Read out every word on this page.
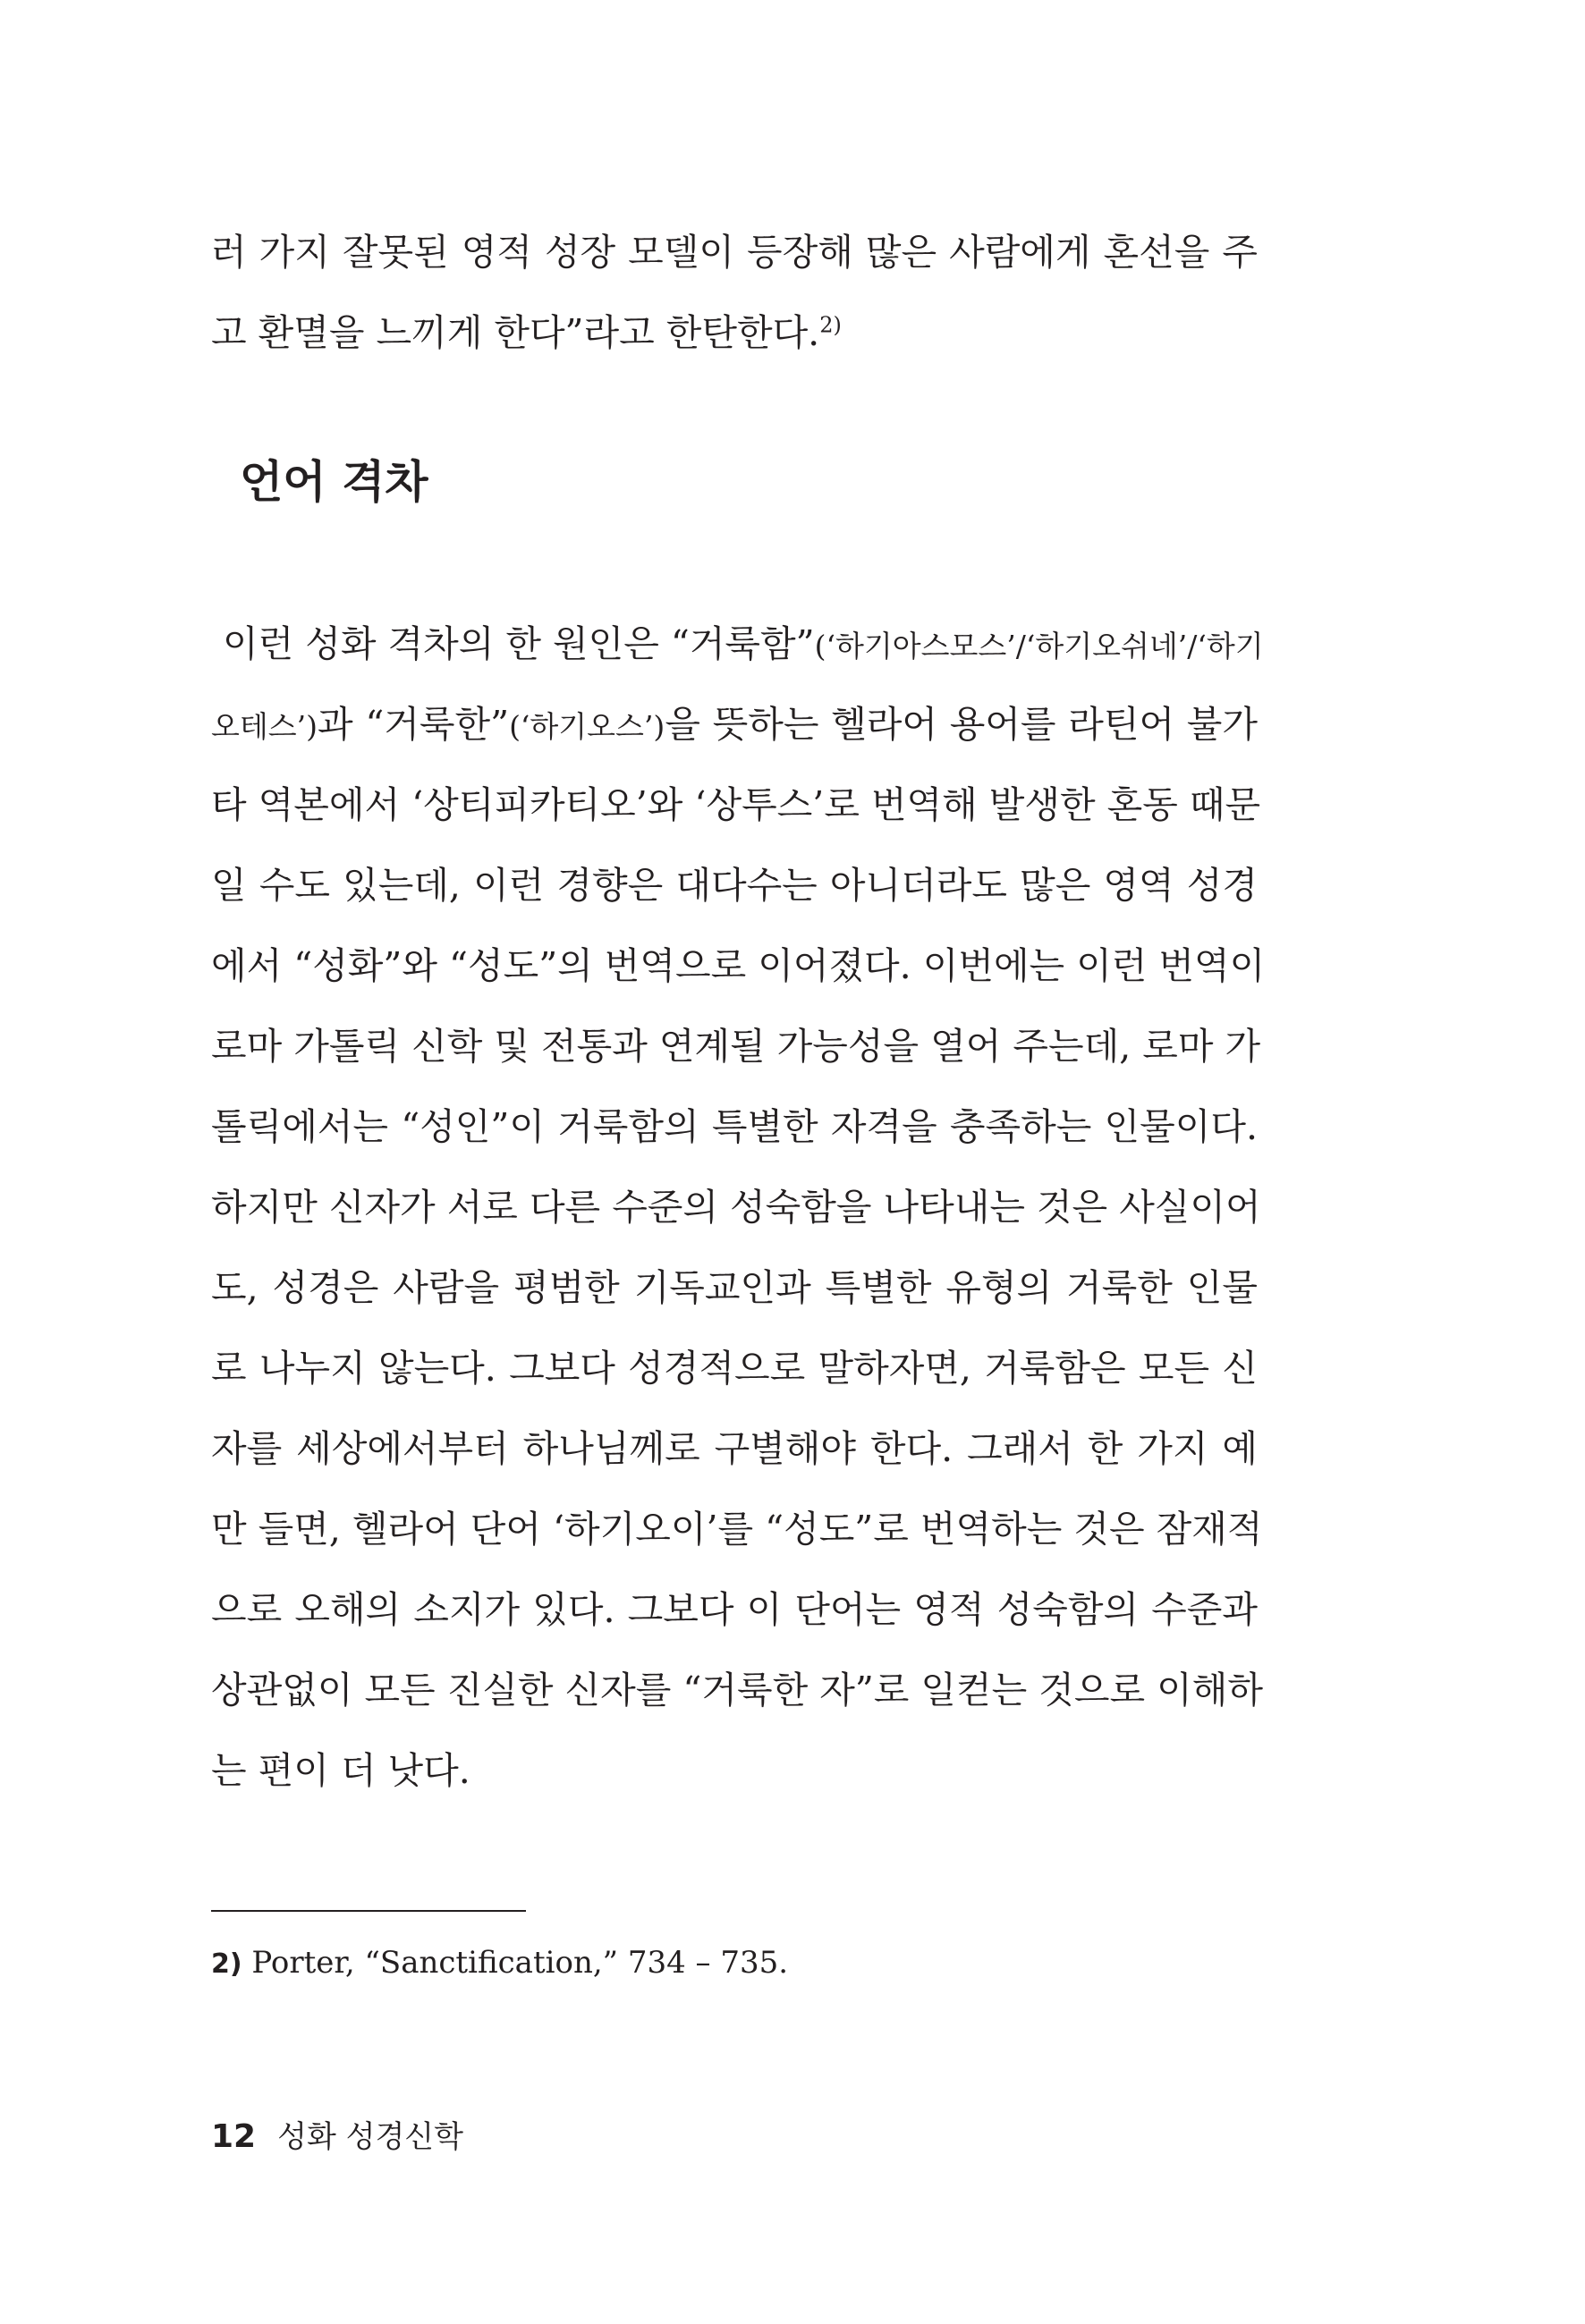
러 가지 잘못된 영적 성장 모델이 등장해 많은 사람에게 혼선을 주
고 환멸을 느끼게 한다”라고 한탄한다.$^{2)}$
언어 격차
이런 성화 격차의 한 원인은 “거룩함”(‘하기아스모스’/‘하기오쉬네’/‘하기
오테스’)과 “거룩한”(‘하기오스’)을 뜻하는 헬라어 용어를 라틴어 불가
타 역본에서 ‘상티피카티오’와 ‘상투스’로 번역해 발생한 혼동 때문
일 수도 있는데, 이런 경향은 대다수는 아니더라도 많은 영역 성경
에서 “성화”와 “성도”의 번역으로 이어졌다. 이번에는 이런 번역이
로마 가톨릭 신학 및 전통과 연계될 가능성을 열어 주는데, 로마 가
톨릭에서는 “성인”이 거룩함의 특별한 자격을 충족하는 인물이다.
하지만 신자가 서로 다른 수준의 성숙함을 나타내는 것은 사실이어
도, 성경은 사람을 평범한 기독교인과 특별한 유형의 거룩한 인물
로 나누지 않는다. 그보다 성경적으로 말하자면, 거룩함은 모든 신
자를 세상에서부터 하나님께로 구별해야 한다. 그래서 한 가지 예
만 들면, 헬라어 단어 ‘하기오이’를 “성도”로 번역하는 것은 잠재적
으로 오해의 소지가 있다. 그보다 이 단어는 영적 성숙함의 수준과
상관없이 모든 진실한 신자를 “거룩한 자”로 일컫는 것으로 이해하
는 편이 더 낫다.
2) Porter, “Sanctification,” 734 – 735.
12 성화 성경신학
